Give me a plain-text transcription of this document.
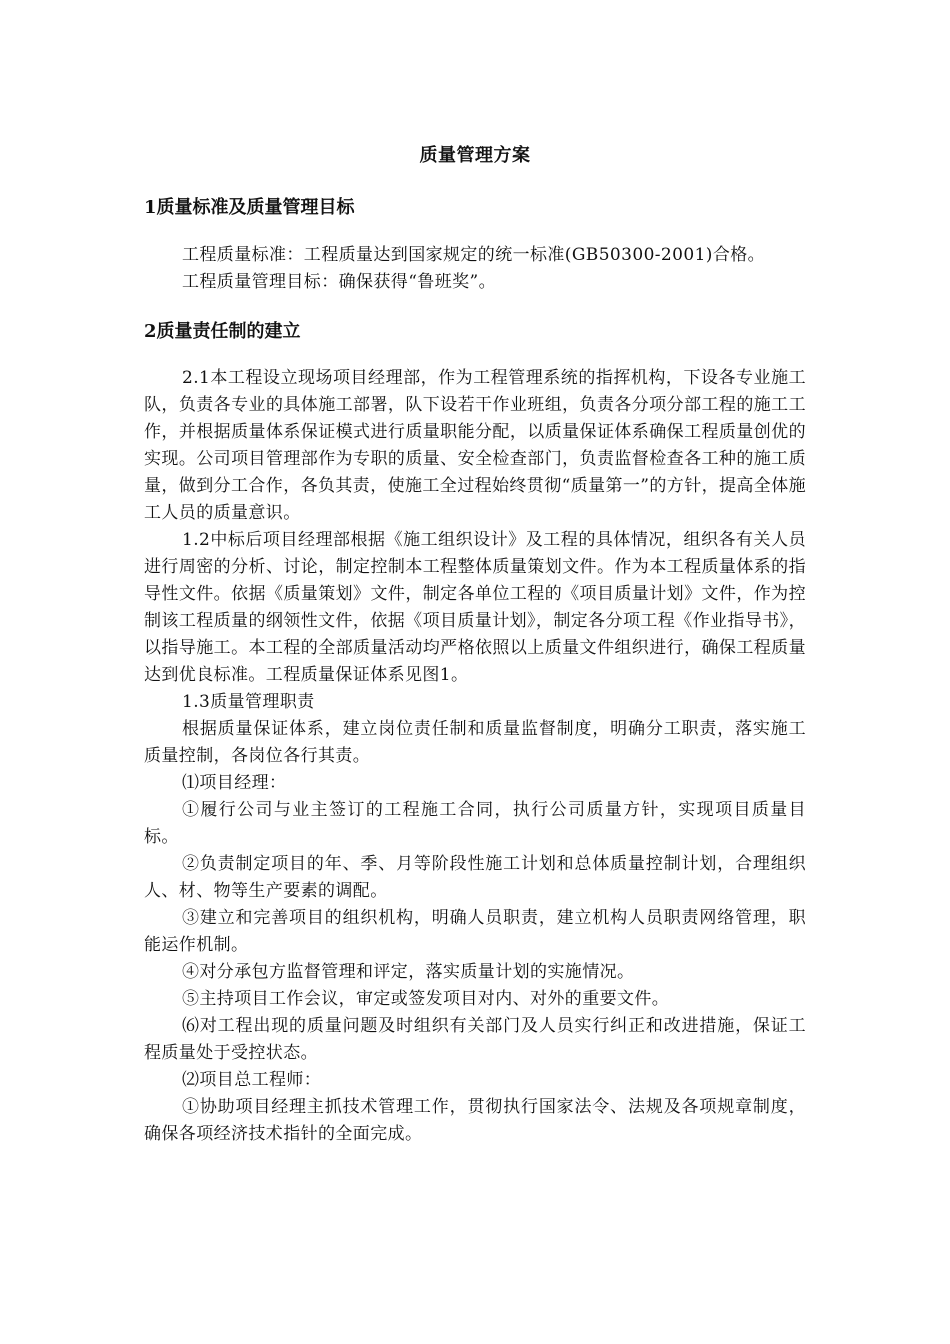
质量管理方案
1质量标准及质量管理目标

工程质量标准：工程质量达到国家规定的统一标准(GB50300-2001)合格。

工程质量管理目标：确保获得“鲁班奖”。

2质量责任制的建立

2.1本工程设立现场项目经理部，作为工程管理系统的指挥机构，下设各专业施工队，负责各专业的具体施工部署，队下设若干作业班组，负责各分项分部工程的施工工作，并根据质量体系保证模式进行质量职能分配，以质量保证体系确保工程质量创优的实现。公司项目管理部作为专职的质量、安全检查部门，负责监督检查各工种的施工质量，做到分工合作，各负其责，使施工全过程始终贯彻“质量第一”的方针，提高全体施工人员的质量意识。

1.2中标后项目经理部根据《施工组织设计》及工程的具体情况，组织各有关人员进行周密的分析、讨论，制定控制本工程整体质量策划文件。作为本工程质量体系的指导性文件。依据《质量策划》文件，制定各单位工程的《项目质量计划》文件，作为控制该工程质量的纲领性文件，依据《项目质量计划》，制定各分项工程《作业指导书》，以指导施工。本工程的全部质量活动均严格依照以上质量文件组织进行，确保工程质量达到优良标准。工程质量保证体系见图1。

1.3质量管理职责

根据质量保证体系，建立岗位责任制和质量监督制度，明确分工职责，落实施工质量控制，各岗位各行其责。

⑴项目经理：

①履行公司与业主签订的工程施工合同，执行公司质量方针，实现项目质量目标。

②负责制定项目的年、季、月等阶段性施工计划和总体质量控制计划，合理组织人、材、物等生产要素的调配。

③建立和完善项目的组织机构，明确人员职责，建立机构人员职责网络管理，职能运作机制。

④对分承包方监督管理和评定，落实质量计划的实施情况。

⑤主持项目工作会议，审定或签发项目对内、对外的重要文件。

⑹对工程出现的质量问题及时组织有关部门及人员实行纠正和改进措施，保证工程质量处于受控状态。

⑵项目总工程师：

①协助项目经理主抓技术管理工作，贯彻执行国家法令、法规及各项规章制度，确保各项经济技术指针的全面完成。
